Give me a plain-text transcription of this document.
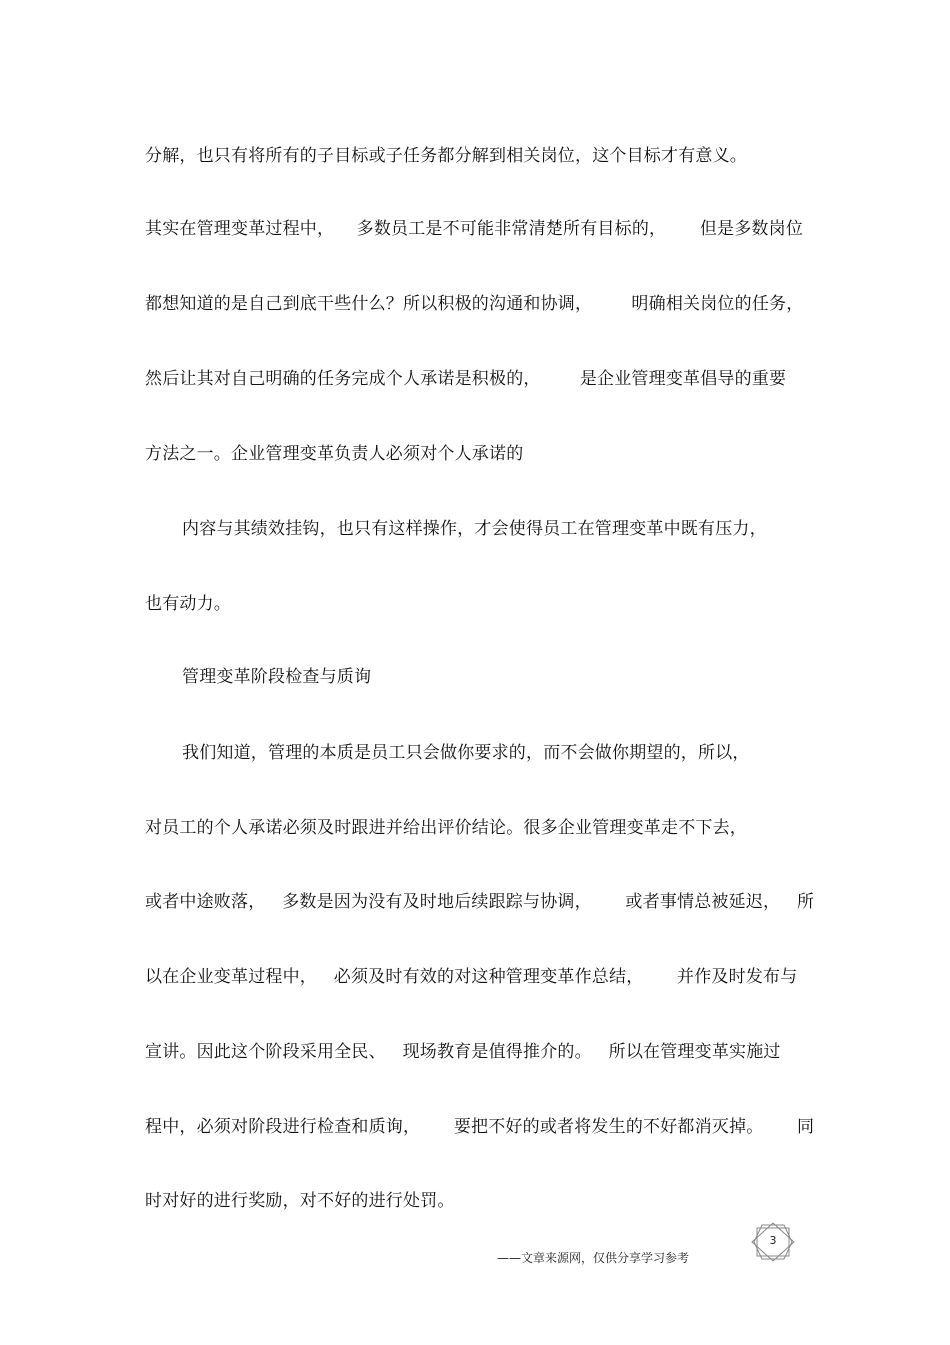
分解，也只有将所有的子目标或子任务都分解到相关岗位，这个目标才有意义。
其实在管理变革过程中，    多数员工是不可能非常清楚所有目标的，      但是多数岗位
都想知道的是自己到底干些什么？所以积极的沟通和协调，       明确相关岗位的任务，
然后让其对自己明确的任务完成个人承诺是积极的，       是企业管理变革倡导的重要
方法之一。企业管理变革负责人必须对个人承诺的
内容与其绩效挂钩，也只有这样操作，才会使得员工在管理变革中既有压力，
也有动力。
管理变革阶段检查与质询
我们知道，管理的本质是员工只会做你要求的，而不会做你期望的，所以，
对员工的个人承诺必须及时跟进并给出评价结论。很多企业管理变革走不下去，
或者中途败落，   多数是因为没有及时地后续跟踪与协调，      或者事情总被延迟，   所
以在企业变革过程中，   必须及时有效的对这种管理变革作总结，      并作及时发布与
宣讲。因此这个阶段采用全民、   现场教育是值得推介的。   所以在管理变革实施过
程中，必须对阶段进行检查和质询，      要把不好的或者将发生的不好都消灭掉。      同
时对好的进行奖励，对不好的进行处罚。
3
——文章来源网，仅供分享学习参考
